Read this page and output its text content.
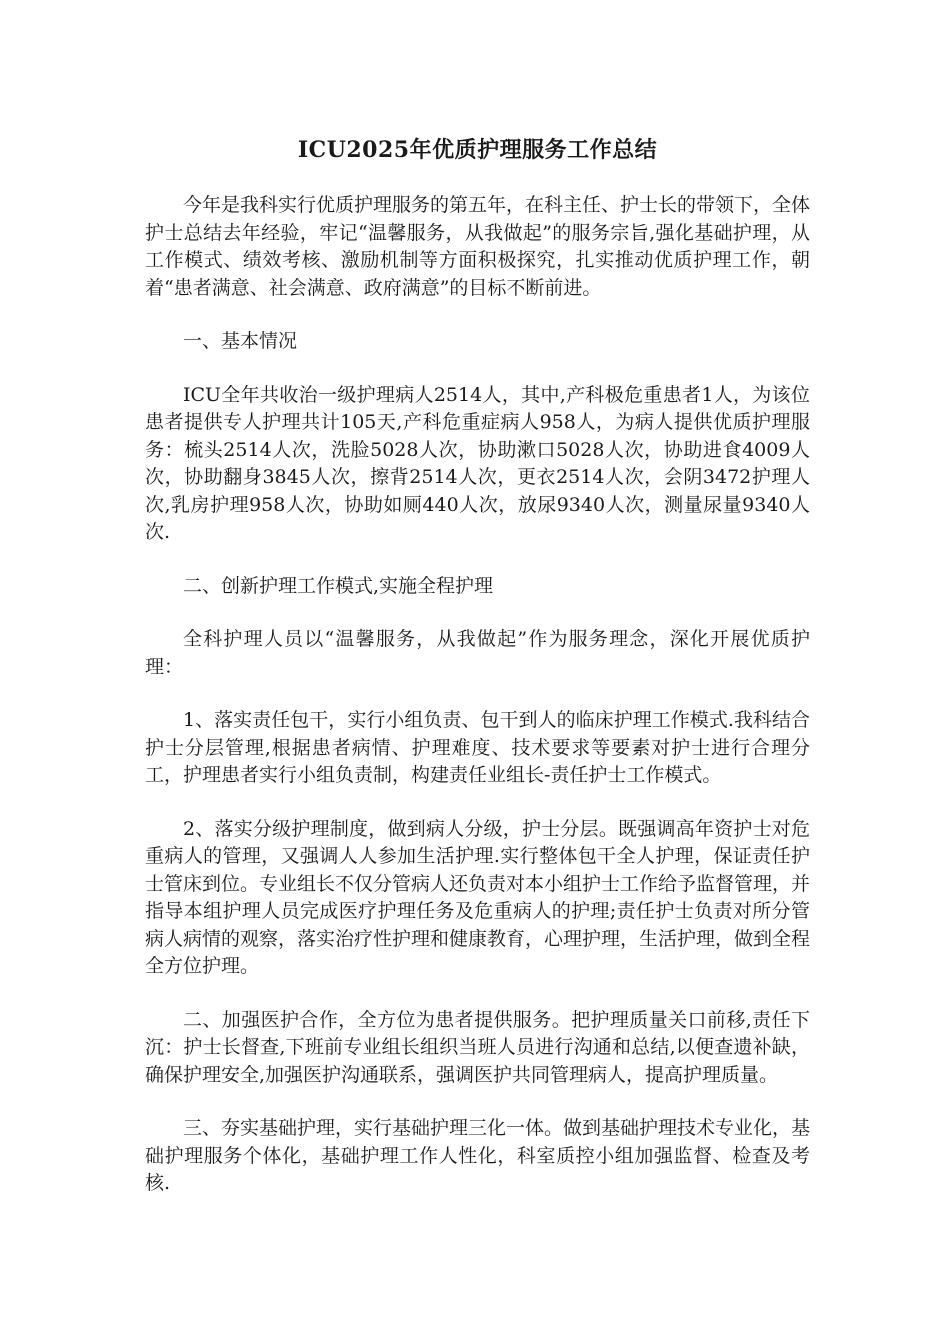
ICU2025年优质护理服务工作总结

今年是我科实行优质护理服务的第五年，在科主任、护士长的带领下，全体护士总结去年经验，牢记“温馨服务，从我做起”的服务宗旨,强化基础护理，从工作模式、绩效考核、激励机制等方面积极探究，扎实推动优质护理工作，朝着“患者满意、社会满意、政府满意”的目标不断前进。

一、基本情况

ICU全年共收治一级护理病人2514人，其中,产科极危重患者1人，为该位患者提供专人护理共计105天,产科危重症病人958人，为病人提供优质护理服务：梳头2514人次，洗脸5028人次，协助漱口5028人次，协助进食4009人次，协助翻身3845人次，擦背2514人次，更衣2514人次，会阴3472护理人次,乳房护理958人次，协助如厕440人次，放尿9340人次，测量尿量9340人次.

二、创新护理工作模式,实施全程护理

全科护理人员以“温馨服务，从我做起”作为服务理念，深化开展优质护理：

1、落实责任包干，实行小组负责、包干到人的临床护理工作模式.我科结合护士分层管理,根据患者病情、护理难度、技术要求等要素对护士进行合理分工，护理患者实行小组负责制，构建责任业组长-责任护士工作模式。

2、落实分级护理制度，做到病人分级，护士分层。既强调高年资护士对危重病人的管理，又强调人人参加生活护理.实行整体包干全人护理，保证责任护士管床到位。专业组长不仅分管病人还负责对本小组护士工作给予监督管理，并指导本组护理人员完成医疗护理任务及危重病人的护理;责任护士负责对所分管病人病情的观察，落实治疗性护理和健康教育，心理护理，生活护理，做到全程全方位护理。

二、加强医护合作，全方位为患者提供服务。把护理质量关口前移,责任下沉：护士长督查,下班前专业组长组织当班人员进行沟通和总结,以便查遗补缺，确保护理安全,加强医护沟通联系，强调医护共同管理病人，提高护理质量。

三、夯实基础护理，实行基础护理三化一体。做到基础护理技术专业化，基础护理服务个体化，基础护理工作人性化，科室质控小组加强监督、检查及考核.
